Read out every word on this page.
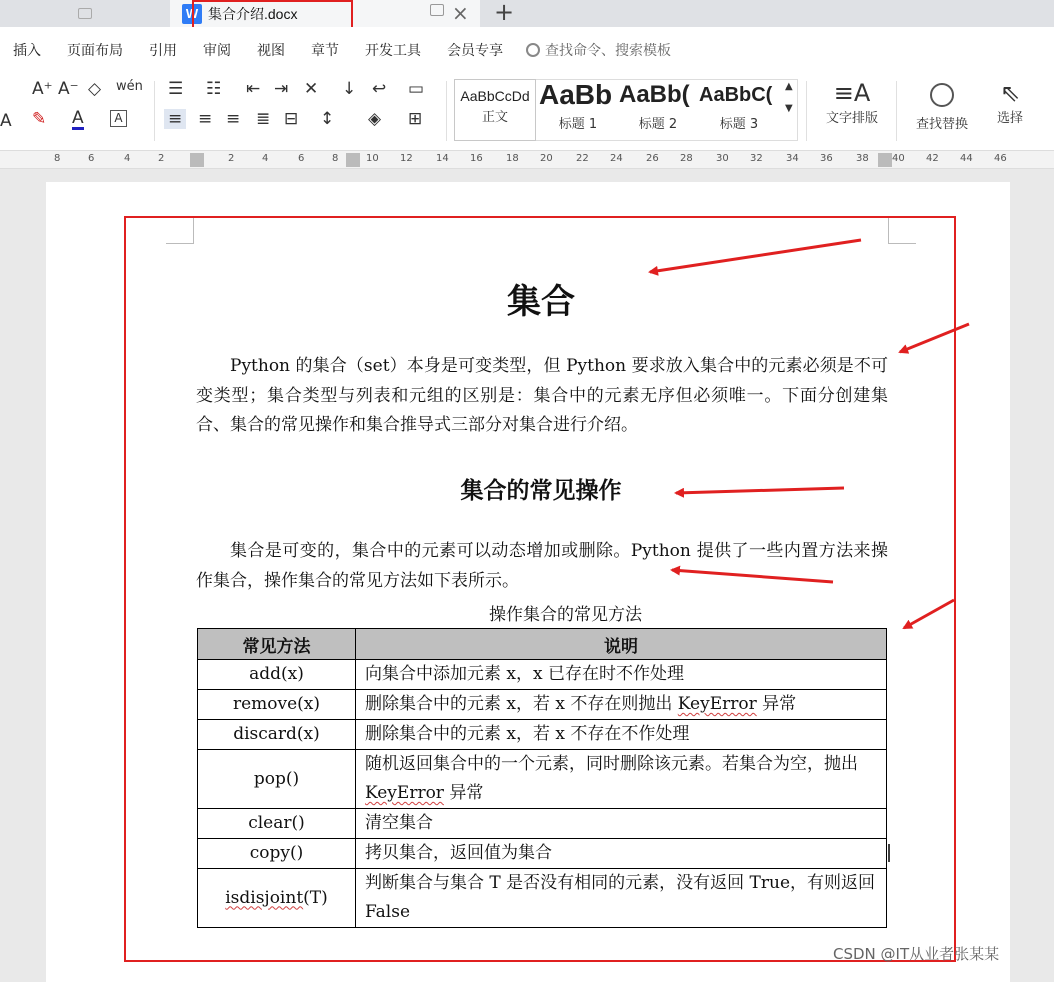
W 集合介绍.docx	× +
插入 页面布局 引用 审阅 视图 章节 开发工具 会员专享	查找命令、搜索模板
A⁺ A⁻ ◇ wén
A ✎ A	A
☰ ☷ ⇤ ⇥ ✕ ↓ ↩ ▭
≡ ≡ ≡ ≣ ⊟ ↕ ◈ ⊞
AaBbCcDd
正文
AaBb
标题 1
AaBb(
标题 2
AaBbC(
标题 3
▲
▼
≡A
文字排版	查找替换
⇖
选择
8	6	4	2	2	4	6	8	10 12 14 16 18 20 22 24 26 28 30 32 34 36 38 40 42 44 46
集合
Python 的集合（set）本身是可变类型，但 Python 要求放入集合中的元素必须是不可变类型；集合类型与列表和元组的区别是：集合中的元素无序但必须唯一。下面分创建集合、集合的常见操作和集合推导式三部分对集合进行介绍。
集合的常见操作
集合是可变的，集合中的元素可以动态增加或删除。Python 提供了一些内置方法来操作集合，操作集合的常见方法如下表所示。
操作集合的常见方法
常见方法	说明
add(x)	向集合中添加元素 x，x 已存在时不作处理
remove(x)	删除集合中的元素 x，若 x 不存在则抛出 KeyError 异常
discard(x)	删除集合中的元素 x，若 x 不存在不作处理
pop()	随机返回集合中的一个元素，同时删除该元素。若集合为空，抛出 KeyError 异常
clear()	清空集合
copy()	拷贝集合，返回值为集合
isdisjoint(T)	判断集合与集合 T 是否没有相同的元素，没有返回 True，有则返回 False
CSDN @IT从业者张某某
